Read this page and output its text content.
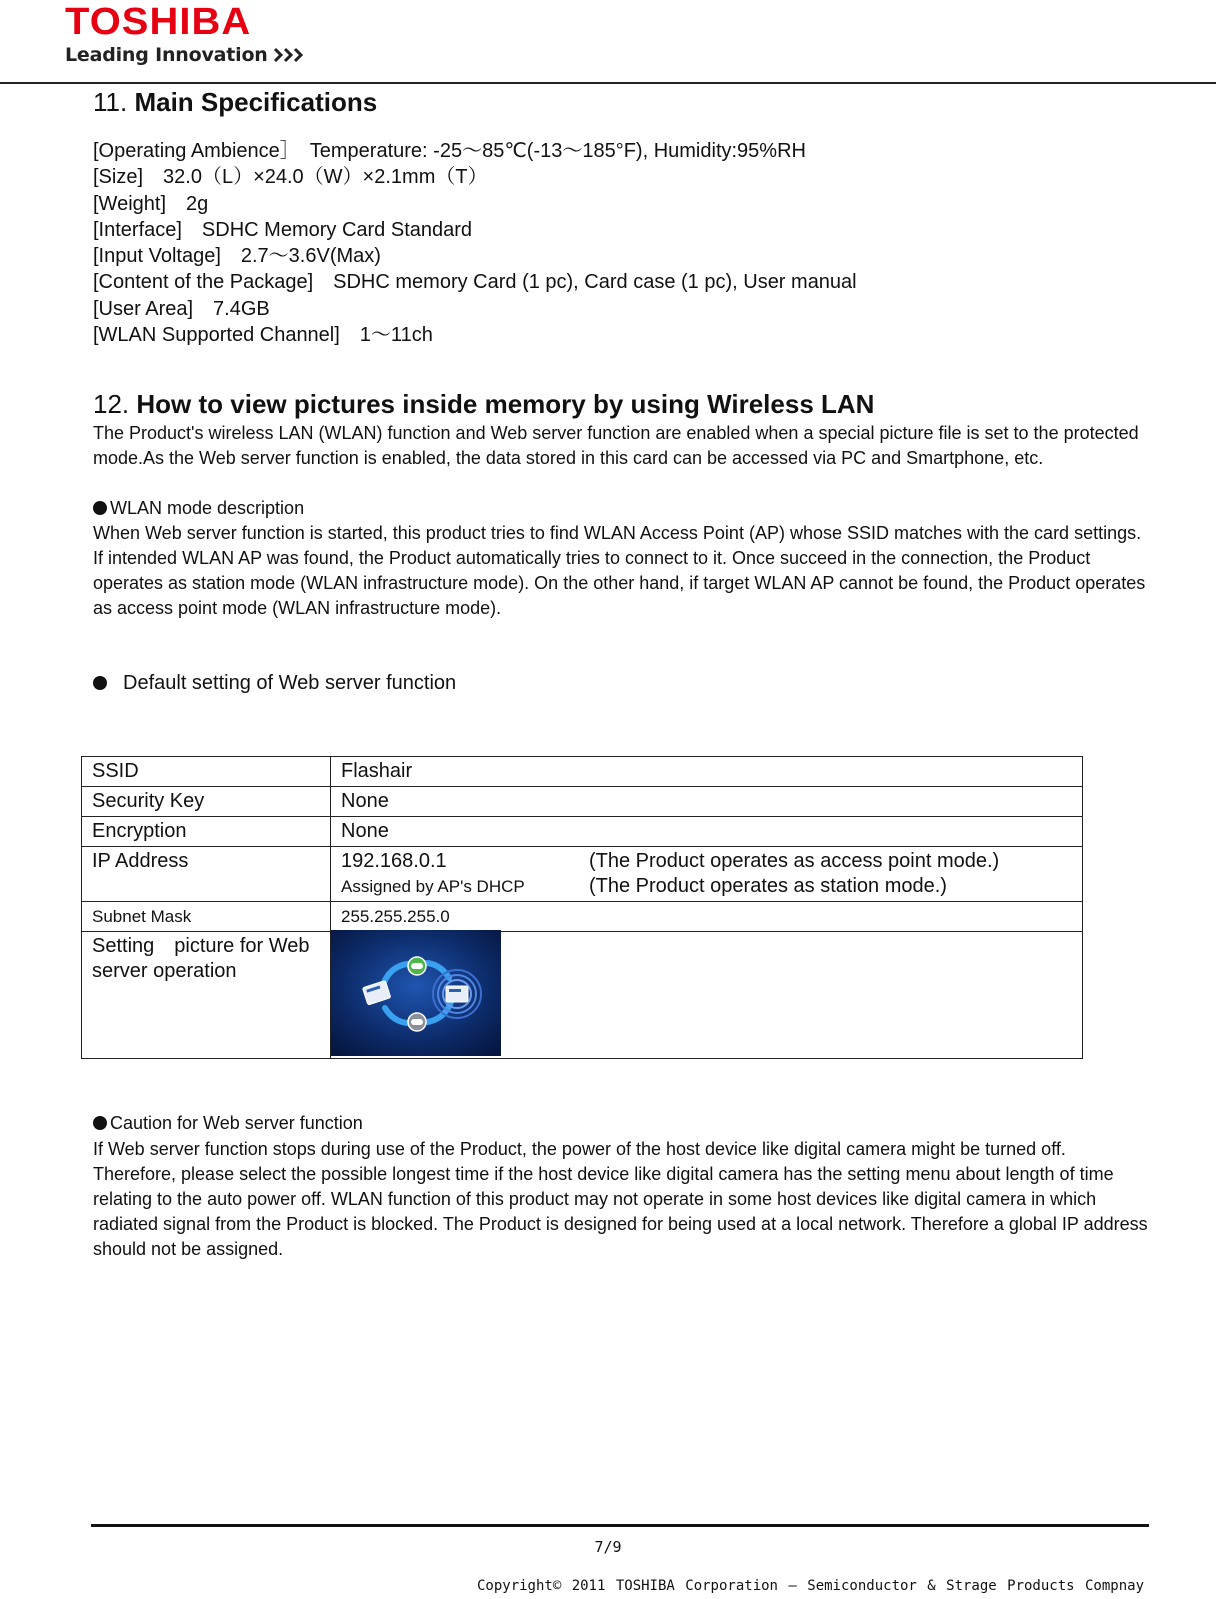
TOSHIBA
Leading Innovation
11. Main Specifications
[Operating Ambience］　Temperature: -25～85℃(-13～185°F), Humidity:95%RH
[Size]　32.0（L）×24.0（W）×2.1mm（T）
[Weight]　2g
[Interface]　SDHC Memory Card Standard
[Input Voltage]　2.7～3.6V(Max)
[Content of the Package]　SDHC memory Card (1 pc), Card case (1 pc), User manual
[User Area]　7.4GB
[WLAN Supported Channel]　1～11ch
12. How to view pictures inside memory by using Wireless LAN
The Product's wireless LAN (WLAN) function and Web server function are enabled when a special picture file is set to the protected mode.As the Web server function is enabled, the data stored in this card can be accessed via PC and Smartphone, etc.
WLAN mode description
When Web server function is started, this product tries to find WLAN Access Point (AP) whose SSID matches with the card settings. If intended WLAN AP was found, the Product automatically tries to connect to it. Once succeed in the connection, the Product operates as station mode (WLAN infrastructure mode). On the other hand, if target WLAN AP cannot be found, the Product operates as access point mode (WLAN infrastructure mode).
Default setting of Web server function
SSID	Flashair
Security Key	None
Encryption	None
IP Address	192.168.0.1 (The Product operates as access point mode.)
Assigned by AP's DHCP (The Product operates as station mode.)

Subnet Mask	255.255.255.0
Setting　picture for Web server operation	
Caution for Web server function
If Web server function stops during use of the Product, the power of the host device like digital camera might be turned off. Therefore, please select the possible longest time if the host device like digital camera has the setting menu about length of time relating to the auto power off. WLAN function of this product may not operate in some host devices like digital camera in which radiated signal from the Product is blocked. The Product is designed for being used at a local network. Therefore a global IP address should not be assigned.
7/9
Copyright© 2011 TOSHIBA Corporation – Semiconductor & Strage Products Compnay
